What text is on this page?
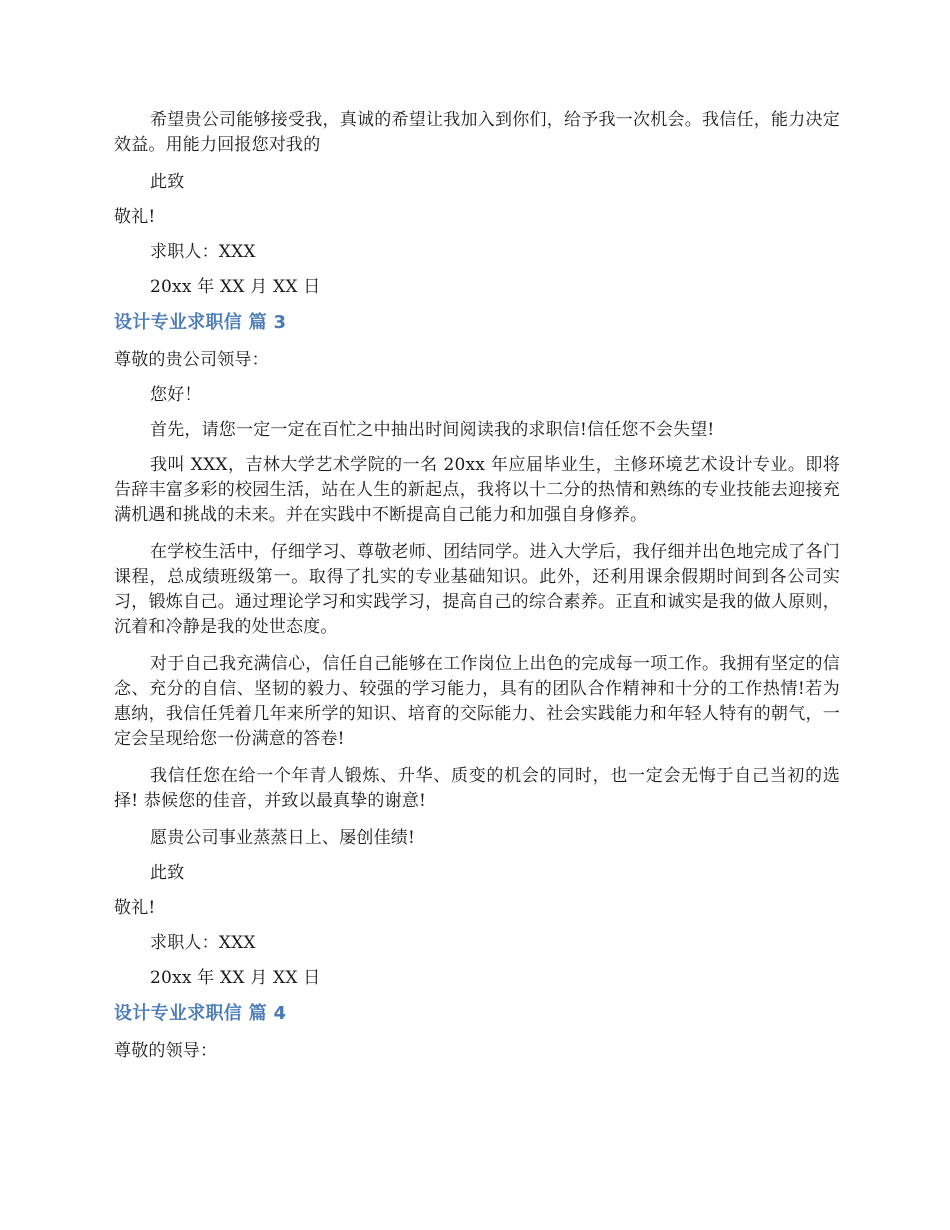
希望贵公司能够接受我，真诚的希望让我加入到你们，给予我一次机会。我信任，能力决定效益。用能力回报您对我的

此致

敬礼!

求职人：XXX

20xx 年 XX 月 XX 日

设计专业求职信 篇 3

尊敬的贵公司领导：

您好！

首先，请您一定一定在百忙之中抽出时间阅读我的求职信!信任您不会失望!

我叫 XXX，吉林大学艺术学院的一名 20xx 年应届毕业生，主修环境艺术设计专业。即将告辞丰富多彩的校园生活，站在人生的新起点，我将以十二分的热情和熟练的专业技能去迎接充满机遇和挑战的未来。并在实践中不断提高自己能力和加强自身修养。

在学校生活中，仔细学习、尊敬老师、团结同学。进入大学后，我仔细并出色地完成了各门课程，总成绩班级第一。取得了扎实的专业基础知识。此外，还利用课余假期时间到各公司实习，锻炼自己。通过理论学习和实践学习，提高自己的综合素养。正直和诚实是我的做人原则，沉着和冷静是我的处世态度。

对于自己我充满信心，信任自己能够在工作岗位上出色的完成每一项工作。我拥有坚定的信念、充分的自信、坚韧的毅力、较强的学习能力，具有的团队合作精神和十分的工作热情!若为惠纳，我信任凭着几年来所学的知识、培育的交际能力、社会实践能力和年轻人特有的朝气，一定会呈现给您一份满意的答卷!

我信任您在给一个年青人锻炼、升华、质变的机会的同时，也一定会无悔于自己当初的选择! 恭候您的佳音，并致以最真挚的谢意!

愿贵公司事业蒸蒸日上、屡创佳绩!

此致

敬礼!

求职人：XXX

20xx 年 XX 月 XX 日

设计专业求职信 篇 4

尊敬的领导：
